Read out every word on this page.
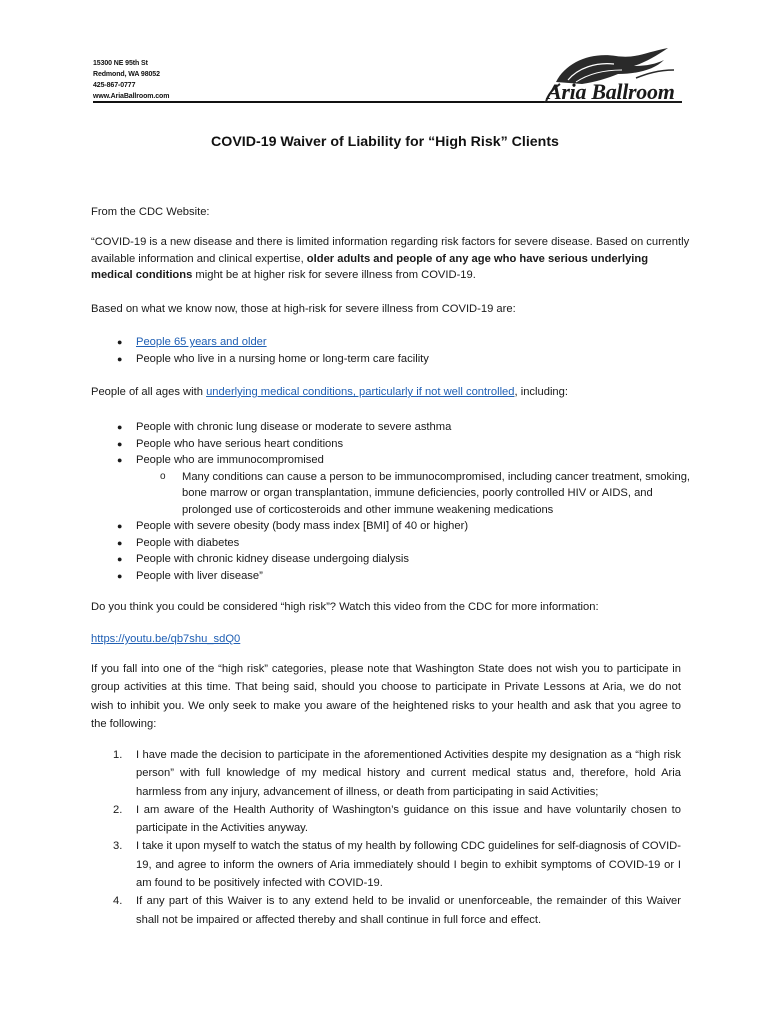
15300 NE 95th St
Redmond, WA 98052
425-867-0777
www.AriaBallroom.com	Aria Ballroom
COVID-19 Waiver of Liability for “High Risk” Clients

From the CDC Website:

“COVID-19 is a new disease and there is limited information regarding risk factors for severe disease. Based on currently available information and clinical expertise, older adults and people of any age who have serious underlying medical conditions might be at higher risk for severe illness from COVID-19.

Based on what we know now, those at high-risk for severe illness from COVID-19 are:

● People 65 years and older
● People who live in a nursing home or long-term care facility

People of all ages with underlying medical conditions, particularly if not well controlled, including:

● People with chronic lung disease or moderate to severe asthma
● People who have serious heart conditions
● People who are immunocompromised
o Many conditions can cause a person to be immunocompromised, including cancer treatment, smoking, bone marrow or organ transplantation, immune deficiencies, poorly controlled HIV or AIDS, and prolonged use of corticosteroids and other immune weakening medications
● People with severe obesity (body mass index [BMI] of 40 or higher)
● People with diabetes
● People with chronic kidney disease undergoing dialysis
● People with liver disease”

Do you think you could be considered “high risk”? Watch this video from the CDC for more information:

https://youtu.be/qb7shu_sdQ0

If you fall into one of the “high risk” categories, please note that Washington State does not wish you to participate in group activities at this time. That being said, should you choose to participate in Private Lessons at Aria, we do not wish to inhibit you. We only seek to make you aware of the heightened risks to your health and ask that you agree to the following:

1. I have made the decision to participate in the aforementioned Activities despite my designation as a “high risk person” with full knowledge of my medical history and current medical status and, therefore, hold Aria harmless from any injury, advancement of illness, or death from participating in said Activities;
2. I am aware of the Health Authority of Washington’s guidance on this issue and have voluntarily chosen to participate in the Activities anyway.
3. I take it upon myself to watch the status of my health by following CDC guidelines for self-diagnosis of COVID-19, and agree to inform the owners of Aria immediately should I begin to exhibit symptoms of COVID-19 or I am found to be positively infected with COVID-19.
4. If any part of this Waiver is to any extend held to be invalid or unenforceable, the remainder of this Waiver shall not be impaired or affected thereby and shall continue in full force and effect.
